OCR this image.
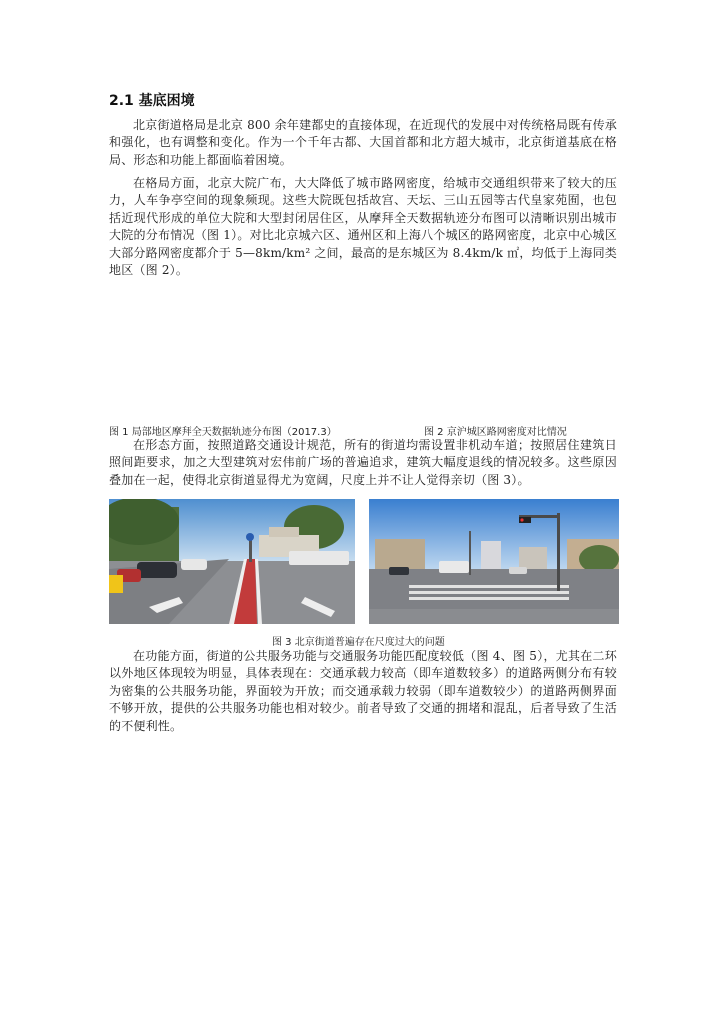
2.1 基底困境

北京街道格局是北京 800 余年建都史的直接体现，在近现代的发展中对传统格局既有传承和强化，也有调整和变化。作为一个千年古都、大国首都和北方超大城市，北京街道基底在格局、形态和功能上都面临着困境。

在格局方面，北京大院广布，大大降低了城市路网密度，给城市交通组织带来了较大的压力，人车争亭空间的现象频现。这些大院既包括故宫、天坛、三山五园等古代皇家苑囿，也包括近现代形成的单位大院和大型封闭居住区，从摩拜全天数据轨迹分布图可以清晰识别出城市大院的分布情况（图 1）。对比北京城六区、通州区和上海八个城区的路网密度，北京中心城区大部分路网密度都介于 5—8km/km² 之间，最高的是东城区为 8.4km/k ㎡，均低于上海同类地区（图 2）。

图 1 局部地区摩拜全天数据轨迹分布图（2017.3）	图 2 京沪城区路网密度对比情况

在形态方面，按照道路交通设计规范，所有的街道均需设置非机动车道；按照居住建筑日照间距要求，加之大型建筑对宏伟前广场的普遍追求，建筑大幅度退线的情况较多。这些原因叠加在一起，使得北京街道显得尤为宽阔，尺度上并不让人觉得亲切（图 3）。

图 3 北京街道普遍存在尺度过大的问题

在功能方面，街道的公共服务功能与交通服务功能匹配度较低（图 4、图 5），尤其在二环以外地区体现较为明显，具体表现在：交通承载力较高（即车道数较多）的道路两侧分布有较为密集的公共服务功能，界面较为开放；而交通承载力较弱（即车道数较少）的道路两侧界面不够开放，提供的公共服务功能也相对较少。前者导致了交通的拥堵和混乱，后者导致了生活的不便利性。
